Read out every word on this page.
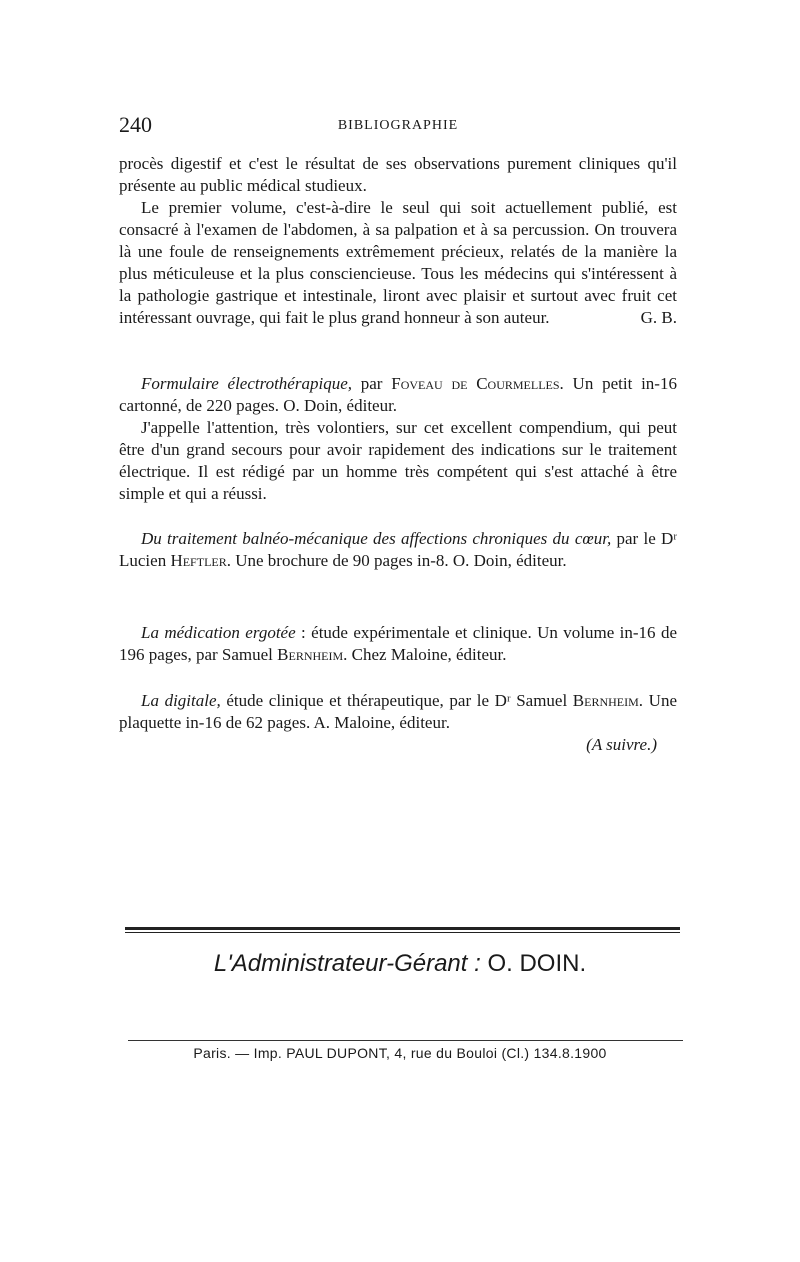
240	BIBLIOGRAPHIE

procès digestif et c'est le résultat de ses observations purement cliniques qu'il présente au public médical studieux.

Le premier volume, c'est-à-dire le seul qui soit actuellement publié, est consacré à l'examen de l'abdomen, à sa palpation et à sa percussion. On trouvera là une foule de renseignements extrêmement précieux, relatés de la manière la plus méticuleuse et la plus consciencieuse. Tous les médecins qui s'intéressent à la pathologie gastrique et intestinale, liront avec plaisir et surtout avec fruit cet intéressant ouvrage, qui fait le plus grand honneur à son auteur.	G. B.

Formulaire électrothérapique, par Foveau de Courmelles. Un petit in-16 cartonné, de 220 pages. O. Doin, éditeur.

J'appelle l'attention, très volontiers, sur cet excellent compendium, qui peut être d'un grand secours pour avoir rapidement des indications sur le traitement électrique. Il est rédigé par un homme très compétent qui s'est attaché à être simple et qui a réussi.

Du traitement balnéo-mécanique des affections chroniques du cœur, par le Dʳ Lucien Heftler. Une brochure de 90 pages in-8. O. Doin, éditeur.

La médication ergotée : étude expérimentale et clinique. Un volume in-16 de 196 pages, par Samuel Bernheim. Chez Maloine, éditeur.

La digitale, étude clinique et thérapeutique, par le Dʳ Samuel Bernheim. Une plaquette in-16 de 62 pages. A. Maloine, éditeur.

(A suivre.)

L'Administrateur-Gérant : O. DOIN.
Paris. — Imp. PAUL DUPONT, 4, rue du Bouloi (Cl.) 134.8.1900
